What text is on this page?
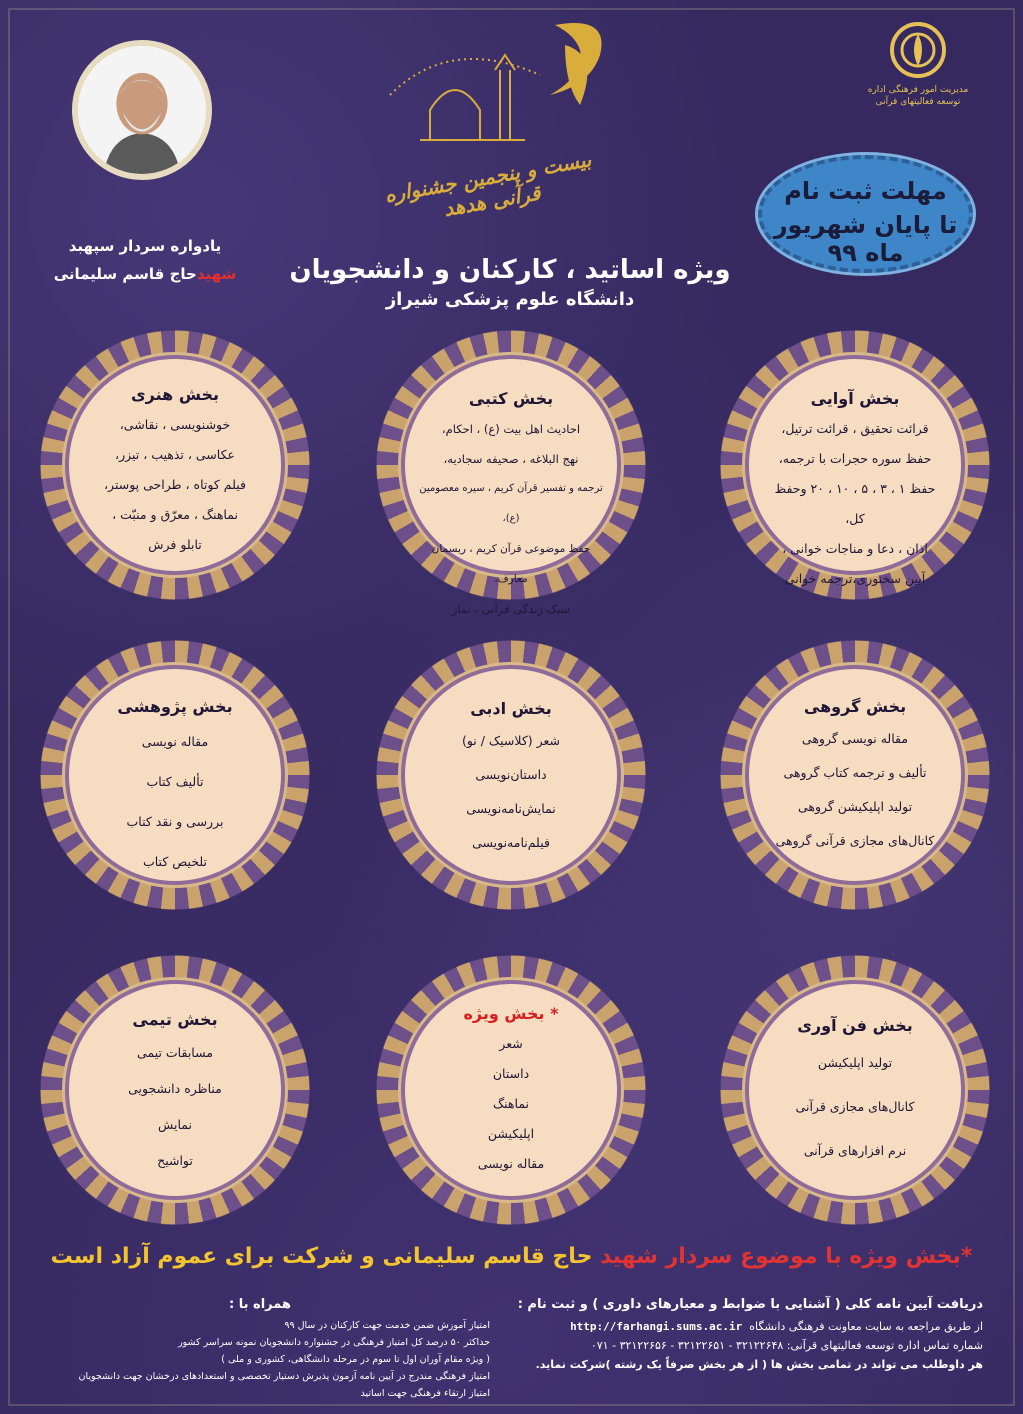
یادواره سردار سپهبد
شهیدحاج قاسم سلیمانی
بیست و پنجمین جشنواره قرآنی هدهد
مدیریت امور فرهنگی اداره توسعه فعالیتهای قرآنی
مهلت ثبت نام
تا پایان شهریور ماه ۹۹
ویژه اساتید ، کارکنان و دانشجویان
دانشگاه علوم پزشکی شیراز
بخش آوایی
قرائت تحقیق ، قرائت ترتیل،
حفظ سوره حجرات با ترجمه،
حفظ ۱ ، ۳ ، ۵ ، ۱۰ ، ۲۰ وحفظ کل،
اذان ، دعا و مناجات خوانی ،
آیین سخنوری،ترجمه خوانی
بخش کتبی
احادیث اهل بیت (ع) ، احکام،
نهج البلاغه ، صحیفه سجادیه،
ترجمه و تفسیر قرآن کریم ، سیره معصومین (ع)،
حفظ موضوعی قرآن کریم ، ریسمان معارف،
سبک زندگی قرآنی ، نماز
بخش هنری
خوشنویسی ، نقاشی،
عکاسی ، تذهیب ، تیزر،
فیلم کوتاه ، طراحی پوستر،
نماهنگ ، معرّق و منبّت ،
تابلو فرش
بخش گروهی
مقاله نویسی گروهی
تألیف و ترجمه کتاب گروهی
تولید اپلیکیشن گروهی
کانال‌های مجازی قرآنی گروهی
بخش ادبی
شعر (کلاسیک / نو)
داستان‌نویسی
نمایش‌نامه‌نویسی
فیلم‌نامه‌نویسی
بخش پژوهشی
مقاله نویسی
تألیف کتاب
بررسی و نقد کتاب
تلخیص کتاب
بخش فن آوری
تولید اپلیکیشن
کانال‌های مجازی قرآنی
نرم افزارهای قرآنی
* بخش ویژه
شعر
داستان
نماهنگ
اپلیکیشن
مقاله نویسی
بخش تیمی
مسابقات تیمی
مناظره دانشجویی
نمایش
تواشیح
*بخش ویژه با موضوع سردار شهید حاج قاسم سلیمانی و شرکت برای عموم آزاد است
دریافت آیین نامه کلی ( آشنایی با ضوابط و معیارهای داوری ) و ثبت نام :
از طریق مراجعه به سایت معاونت فرهنگی دانشگاه  http://farhangi.sums.ac.ir
شماره تماس اداره توسعه فعالیتهای قرآنی: ۳۲۱۲۲۶۴۸ - ۳۲۱۲۲۶۵۱ - ۳۲۱۲۲۶۵۶ - ۰۷۱
هر داوطلب می تواند در تمامی بخش ها ( از هر بخش صرفاً یک رشته )شرکت نماید.
همراه با :
امتیاز آموزش ضمن خدمت جهت کارکنان در سال ۹۹
حداکثر ۵۰ درصد کل امتیاز فرهنگی در جشنواره دانشجویان نمونه سراسر کشور
( ویژه مقام آوران اول تا سوم در مرحله دانشگاهی، کشوری و ملی )
امتیاز فرهنگی مندرج در آیین نامه آزمون پذیرش دستیار تخصصی و استعدادهای درخشان جهت دانشجویان
امتیاز ارتقاء فرهنگی جهت اساتید
